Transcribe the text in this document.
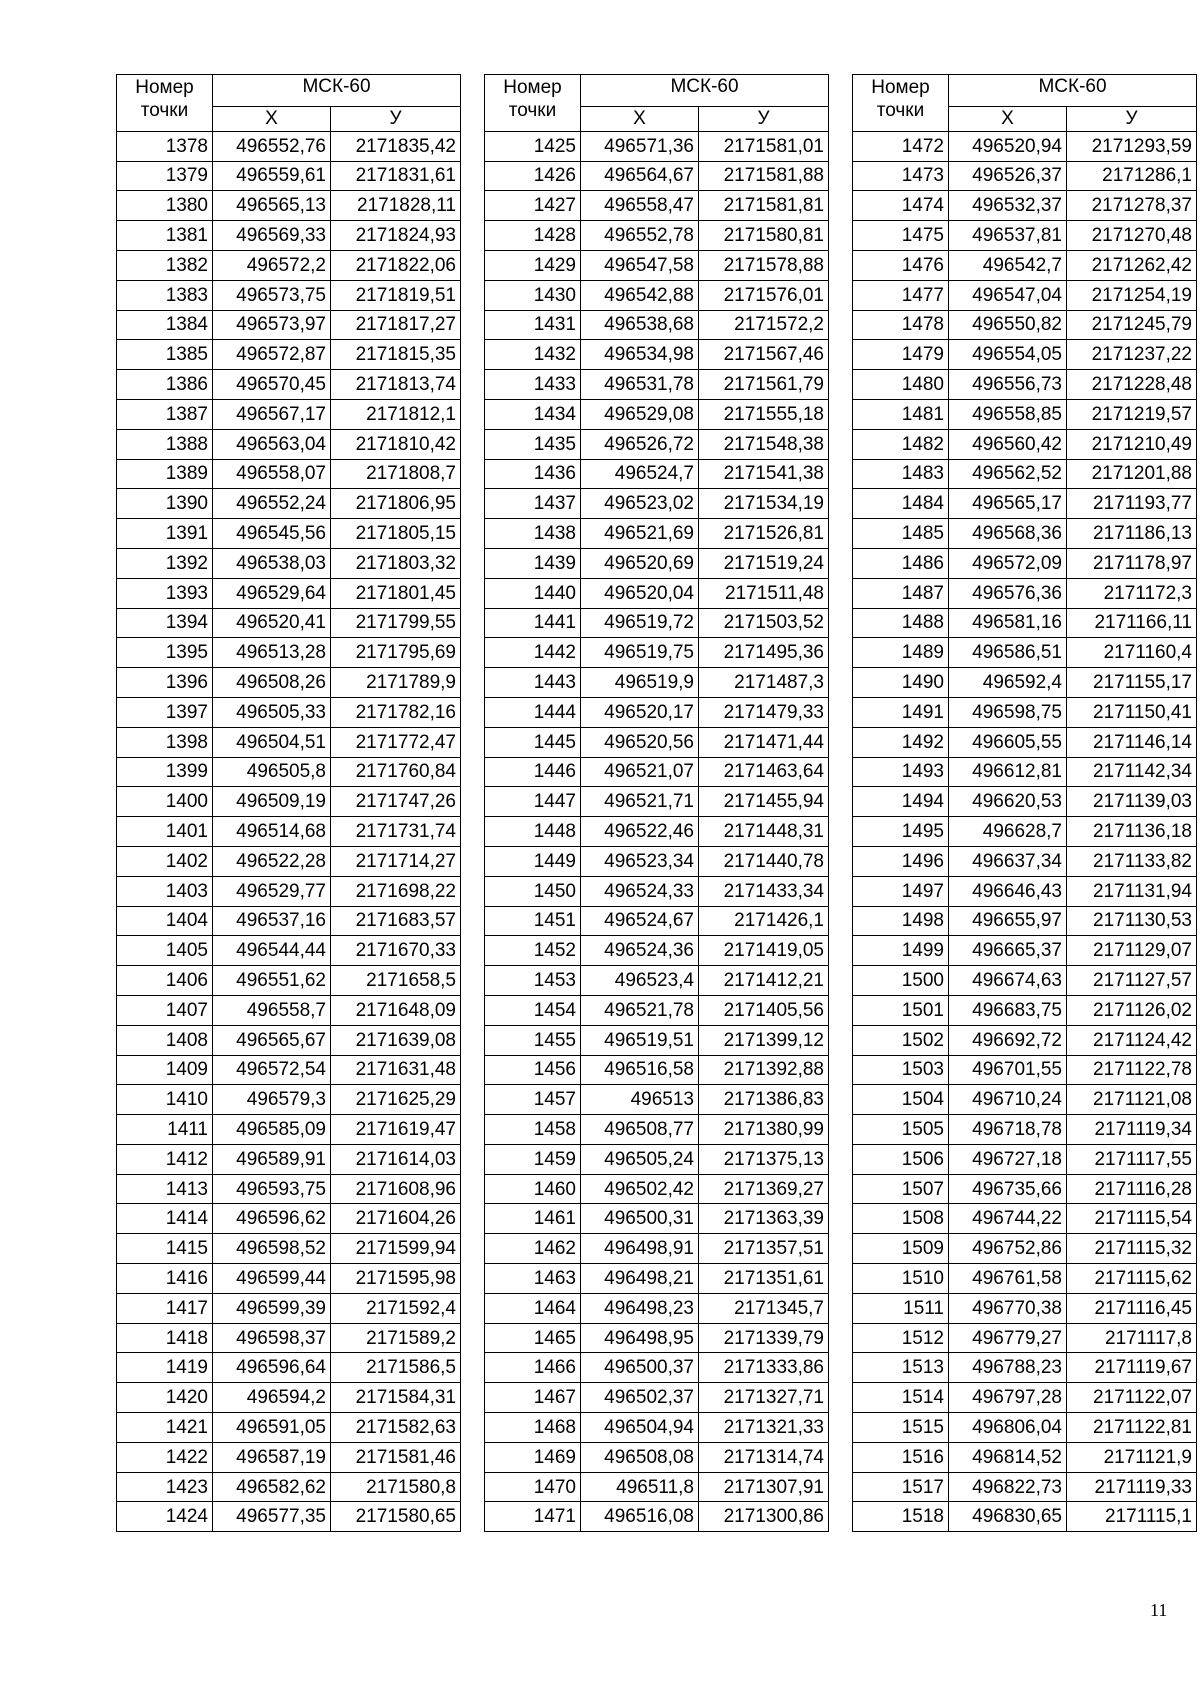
Номер
точки	МСК-60	
	Х	У
1378	496552,76	2171835,42
1379	496559,61	2171831,61
1380	496565,13	2171828,11
1381	496569,33	2171824,93
1382	496572,2	2171822,06
1383	496573,75	2171819,51
1384	496573,97	2171817,27
1385	496572,87	2171815,35
1386	496570,45	2171813,74
1387	496567,17	2171812,1
1388	496563,04	2171810,42
1389	496558,07	2171808,7
1390	496552,24	2171806,95
1391	496545,56	2171805,15
1392	496538,03	2171803,32
1393	496529,64	2171801,45
1394	496520,41	2171799,55
1395	496513,28	2171795,69
1396	496508,26	2171789,9
1397	496505,33	2171782,16
1398	496504,51	2171772,47
1399	496505,8	2171760,84
1400	496509,19	2171747,26
1401	496514,68	2171731,74
1402	496522,28	2171714,27
1403	496529,77	2171698,22
1404	496537,16	2171683,57
1405	496544,44	2171670,33
1406	496551,62	2171658,5
1407	496558,7	2171648,09
1408	496565,67	2171639,08
1409	496572,54	2171631,48
1410	496579,3	2171625,29
1411	496585,09	2171619,47
1412	496589,91	2171614,03
1413	496593,75	2171608,96
1414	496596,62	2171604,26
1415	496598,52	2171599,94
1416	496599,44	2171595,98
1417	496599,39	2171592,4
1418	496598,37	2171589,2
1419	496596,64	2171586,5
1420	496594,2	2171584,31
1421	496591,05	2171582,63
1422	496587,19	2171581,46
1423	496582,62	2171580,8
1424	496577,35	2171580,65
Номер
точки	МСК-60	
	Х	У
1425	496571,36	2171581,01
1426	496564,67	2171581,88
1427	496558,47	2171581,81
1428	496552,78	2171580,81
1429	496547,58	2171578,88
1430	496542,88	2171576,01
1431	496538,68	2171572,2
1432	496534,98	2171567,46
1433	496531,78	2171561,79
1434	496529,08	2171555,18
1435	496526,72	2171548,38
1436	496524,7	2171541,38
1437	496523,02	2171534,19
1438	496521,69	2171526,81
1439	496520,69	2171519,24
1440	496520,04	2171511,48
1441	496519,72	2171503,52
1442	496519,75	2171495,36
1443	496519,9	2171487,3
1444	496520,17	2171479,33
1445	496520,56	2171471,44
1446	496521,07	2171463,64
1447	496521,71	2171455,94
1448	496522,46	2171448,31
1449	496523,34	2171440,78
1450	496524,33	2171433,34
1451	496524,67	2171426,1
1452	496524,36	2171419,05
1453	496523,4	2171412,21
1454	496521,78	2171405,56
1455	496519,51	2171399,12
1456	496516,58	2171392,88
1457	496513	2171386,83
1458	496508,77	2171380,99
1459	496505,24	2171375,13
1460	496502,42	2171369,27
1461	496500,31	2171363,39
1462	496498,91	2171357,51
1463	496498,21	2171351,61
1464	496498,23	2171345,7
1465	496498,95	2171339,79
1466	496500,37	2171333,86
1467	496502,37	2171327,71
1468	496504,94	2171321,33
1469	496508,08	2171314,74
1470	496511,8	2171307,91
1471	496516,08	2171300,86
Номер
точки	МСК-60	
	Х	У
1472	496520,94	2171293,59
1473	496526,37	2171286,1
1474	496532,37	2171278,37
1475	496537,81	2171270,48
1476	496542,7	2171262,42
1477	496547,04	2171254,19
1478	496550,82	2171245,79
1479	496554,05	2171237,22
1480	496556,73	2171228,48
1481	496558,85	2171219,57
1482	496560,42	2171210,49
1483	496562,52	2171201,88
1484	496565,17	2171193,77
1485	496568,36	2171186,13
1486	496572,09	2171178,97
1487	496576,36	2171172,3
1488	496581,16	2171166,11
1489	496586,51	2171160,4
1490	496592,4	2171155,17
1491	496598,75	2171150,41
1492	496605,55	2171146,14
1493	496612,81	2171142,34
1494	496620,53	2171139,03
1495	496628,7	2171136,18
1496	496637,34	2171133,82
1497	496646,43	2171131,94
1498	496655,97	2171130,53
1499	496665,37	2171129,07
1500	496674,63	2171127,57
1501	496683,75	2171126,02
1502	496692,72	2171124,42
1503	496701,55	2171122,78
1504	496710,24	2171121,08
1505	496718,78	2171119,34
1506	496727,18	2171117,55
1507	496735,66	2171116,28
1508	496744,22	2171115,54
1509	496752,86	2171115,32
1510	496761,58	2171115,62
1511	496770,38	2171116,45
1512	496779,27	2171117,8
1513	496788,23	2171119,67
1514	496797,28	2171122,07
1515	496806,04	2171122,81
1516	496814,52	2171121,9
1517	496822,73	2171119,33
1518	496830,65	2171115,1
11
